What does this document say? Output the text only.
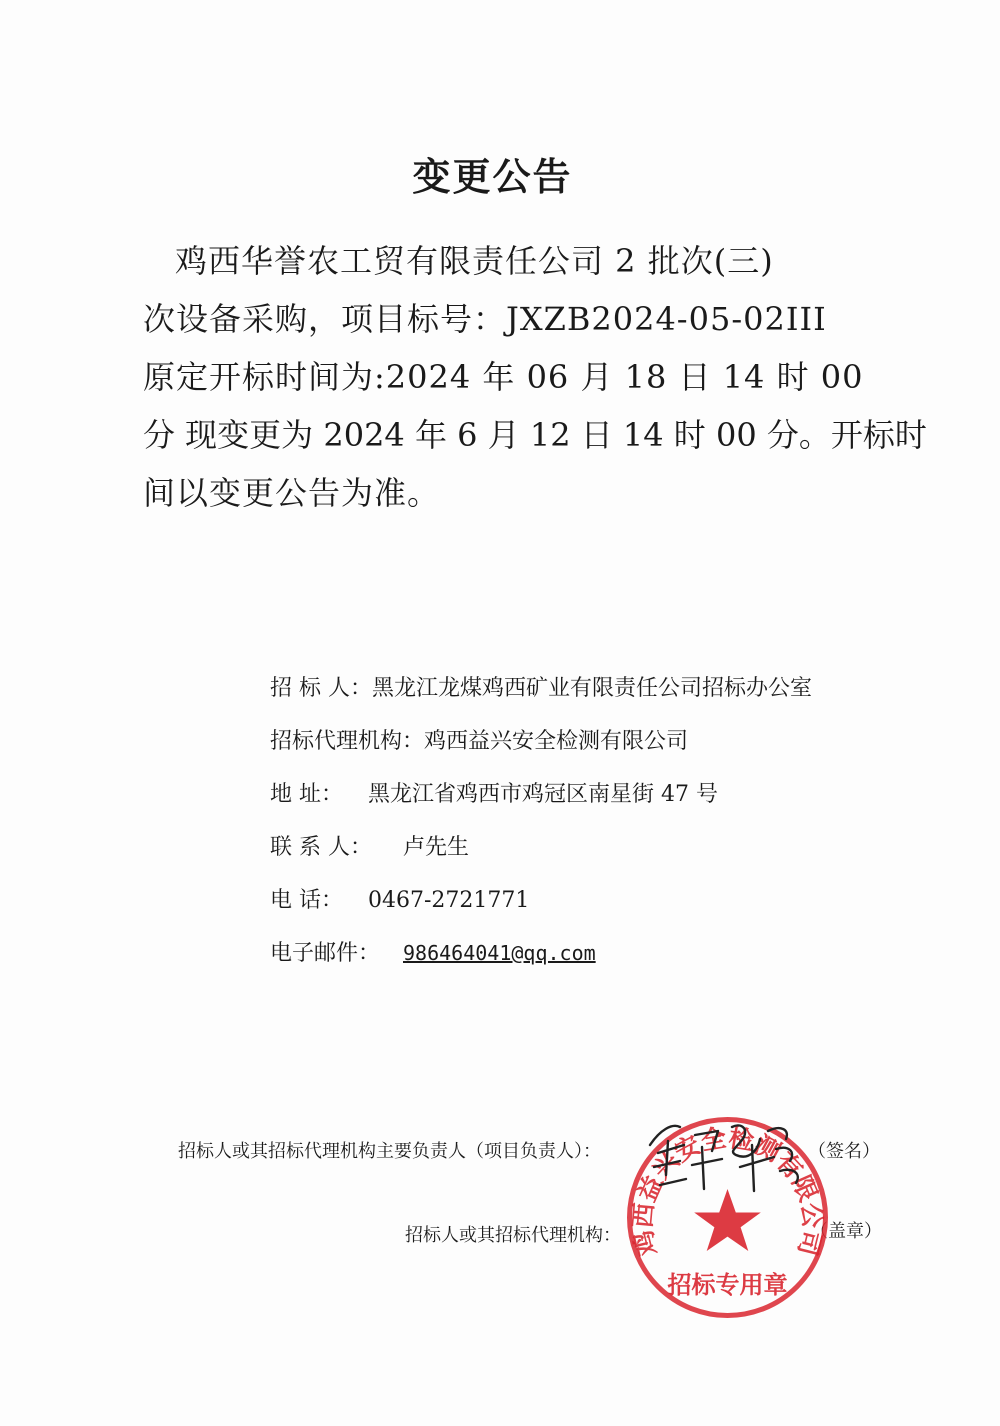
变更公告
鸡西华誉农工贸有限责任公司 2 批次(三)
次设备采购，项目标号：JXZB2024-05-02III
原定开标时间为:2024 年 06 月 18 日 14 时 00
分 现变更为 2024 年 6 月 12 日 14 时 00 分。开标时
间以变更公告为准。
招 标 人：黑龙江龙煤鸡西矿业有限责任公司招标办公室
招标代理机构：鸡西益兴安全检测有限公司
地 址： 黑龙江省鸡西市鸡冠区南星街 47 号
联 系 人： 卢先生
电 话： 0467-2721771
电子邮件： 986464041@qq.com
招标人或其招标代理机构主要负责人（项目负责人）：	（签名）
招标人或其招标代理机构：	（盖章）
鸡西益兴安全检测有限公司
招标专用章
